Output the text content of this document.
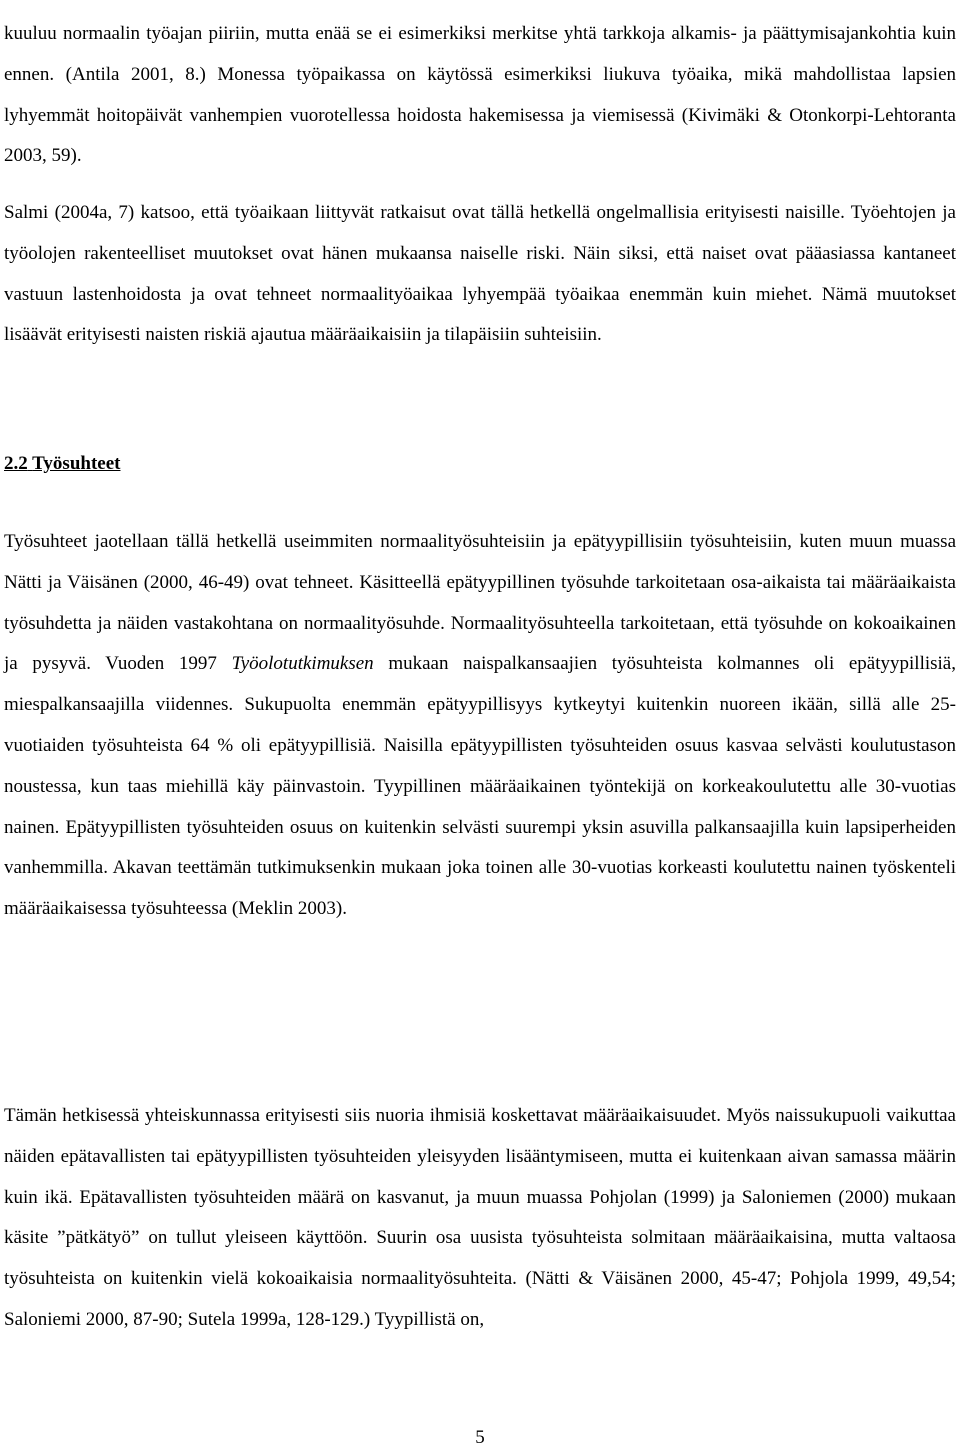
kuuluu normaalin työajan piiriin, mutta enää se ei esimerkiksi merkitse yhtä tarkkoja alkamis- ja päättymisajankohtia kuin ennen. (Antila 2001, 8.) Monessa työpaikassa on käytössä esimerkiksi liukuva työaika, mikä mahdollistaa lapsien lyhyemmät hoitopäivät vanhempien vuorotellessa hoidosta hakemisessa ja viemisessä (Kivimäki & Otonkorpi-Lehtoranta 2003, 59).

Salmi (2004a, 7) katsoo, että työaikaan liittyvät ratkaisut ovat tällä hetkellä ongelmallisia erityisesti naisille. Työehtojen ja työolojen rakenteelliset muutokset ovat hänen mukaansa naiselle riski. Näin siksi, että naiset ovat pääasiassa kantaneet vastuun lastenhoidosta ja ovat tehneet normaalityöaikaa lyhyempää työaikaa enemmän kuin miehet. Nämä muutokset lisäävät erityisesti naisten riskiä ajautua määräaikaisiin ja tilapäisiin suhteisiin.

2.2 Työsuhteet

Työsuhteet jaotellaan tällä hetkellä useimmiten normaalityösuhteisiin ja epätyypillisiin työsuhteisiin, kuten muun muassa Nätti ja Väisänen (2000, 46-49) ovat tehneet. Käsitteellä epätyypillinen työsuhde tarkoitetaan osa-aikaista tai määräaikaista työsuhdetta ja näiden vastakohtana on normaalityösuhde. Normaalityösuhteella tarkoitetaan, että työsuhde on kokoaikainen ja pysyvä. Vuoden 1997 Työolotutkimuksen mukaan naispalkansaajien työsuhteista kolmannes oli epätyypillisiä, miespalkansaajilla viidennes. Sukupuolta enemmän epätyypillisyys kytkeytyi kuitenkin nuoreen ikään, sillä alle 25-vuotiaiden työsuhteista 64 % oli epätyypillisiä. Naisilla epätyypillisten työsuhteiden osuus kasvaa selvästi koulutustason noustessa, kun taas miehillä käy päinvastoin. Tyypillinen määräaikainen työntekijä on korkeakoulutettu alle 30-vuotias nainen. Epätyypillisten työsuhteiden osuus on kuitenkin selvästi suurempi yksin asuvilla palkansaajilla kuin lapsiperheiden vanhemmilla. Akavan teettämän tutkimuksenkin mukaan joka toinen alle 30-vuotias korkeasti koulutettu nainen työskenteli määräaikaisessa työsuhteessa (Meklin 2003).

Tämän hetkisessä yhteiskunnassa erityisesti siis nuoria ihmisiä koskettavat määräaikaisuudet. Myös naissukupuoli vaikuttaa näiden epätavallisten tai epätyypillisten työsuhteiden yleisyyden lisääntymiseen, mutta ei kuitenkaan aivan samassa määrin kuin ikä. Epätavallisten työsuhteiden määrä on kasvanut, ja muun muassa Pohjolan (1999) ja Saloniemen (2000) mukaan käsite ”pätkätyö” on tullut yleiseen käyttöön. Suurin osa uusista työsuhteista solmitaan määräaikaisina, mutta valtaosa työsuhteista on kuitenkin vielä kokoaikaisia normaalityösuhteita. (Nätti & Väisänen 2000, 45-47; Pohjola 1999, 49,54; Saloniemi 2000, 87-90; Sutela 1999a, 128-129.) Tyypillistä on,

5
